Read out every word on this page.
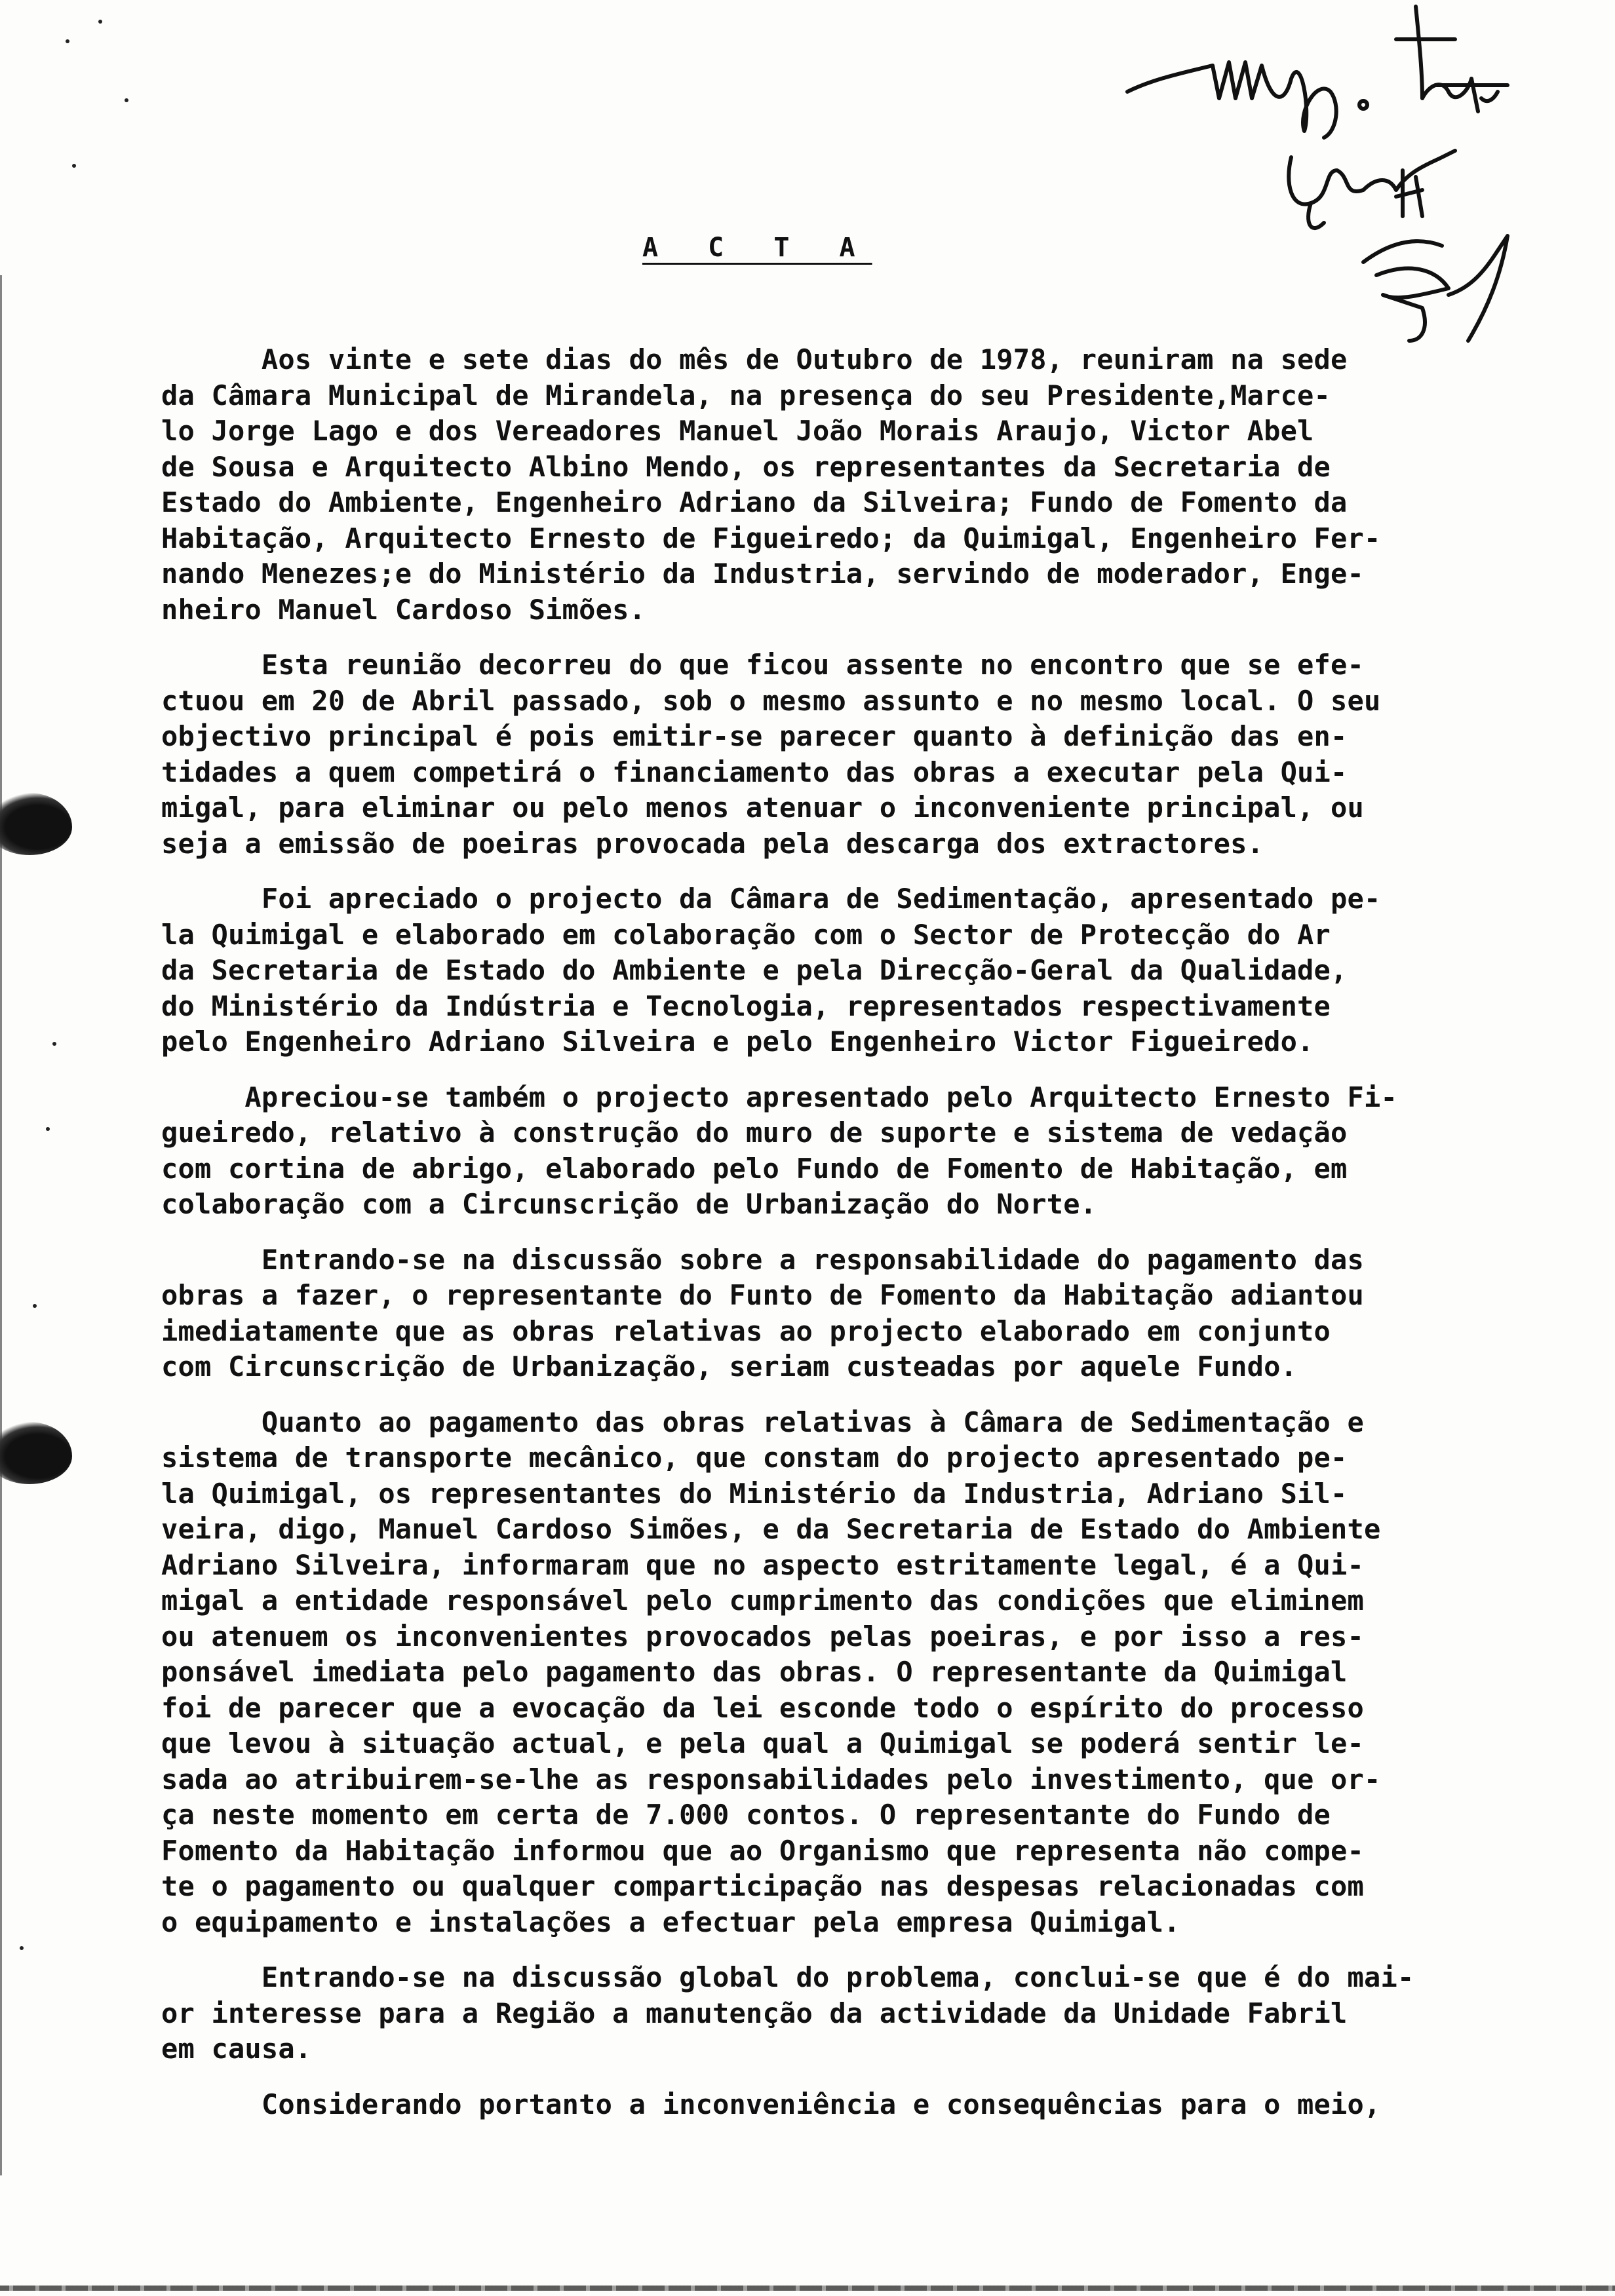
A C T A
Aos vinte e sete dias do mês de Outubro de 1978, reuniram na sede
da Câmara Municipal de Mirandela, na presença do seu Presidente,Marce-
lo Jorge Lago e dos Vereadores Manuel João Morais Araujo, Victor Abel
de Sousa e Arquitecto Albino Mendo, os representantes da Secretaria de
Estado do Ambiente, Engenheiro Adriano da Silveira; Fundo de Fomento da
Habitação, Arquitecto Ernesto de Figueiredo; da Quimigal, Engenheiro Fer-
nando Menezes;e do Ministério da Industria, servindo de moderador, Enge-
nheiro Manuel Cardoso Simões.
Esta reunião decorreu do que ficou assente no encontro que se efe-
ctuou em 20 de Abril passado, sob o mesmo assunto e no mesmo local. O seu
objectivo principal é pois emitir-se parecer quanto à definição das en-
tidades a quem competirá o financiamento das obras a executar pela Qui-
migal, para eliminar ou pelo menos atenuar o inconveniente principal, ou
seja a emissão de poeiras provocada pela descarga dos extractores.
Foi apreciado o projecto da Câmara de Sedimentação, apresentado pe-
la Quimigal e elaborado em colaboração com o Sector de Protecção do Ar
da Secretaria de Estado do Ambiente e pela Direcção-Geral da Qualidade,
do Ministério da Indústria e Tecnologia, representados respectivamente
pelo Engenheiro Adriano Silveira e pelo Engenheiro Victor Figueiredo.
Apreciou-se também o projecto apresentado pelo Arquitecto Ernesto Fi-
gueiredo, relativo à construção do muro de suporte e sistema de vedação
com cortina de abrigo, elaborado pelo Fundo de Fomento de Habitação, em
colaboração com a Circunscrição de Urbanização do Norte.
Entrando-se na discussão sobre a responsabilidade do pagamento das
obras a fazer, o representante do Funto de Fomento da Habitação adiantou
imediatamente que as obras relativas ao projecto elaborado em conjunto
com Circunscrição de Urbanização, seriam custeadas por aquele Fundo.
Quanto ao pagamento das obras relativas à Câmara de Sedimentação e
sistema de transporte mecânico, que constam do projecto apresentado pe-
la Quimigal, os representantes do Ministério da Industria, Adriano Sil-
veira, digo, Manuel Cardoso Simões, e da Secretaria de Estado do Ambiente
Adriano Silveira, informaram que no aspecto estritamente legal, é a Qui-
migal a entidade responsável pelo cumprimento das condições que eliminem
ou atenuem os inconvenientes provocados pelas poeiras, e por isso a res-
ponsável imediata pelo pagamento das obras. O representante da Quimigal
foi de parecer que a evocação da lei esconde todo o espírito do processo
que levou à situação actual, e pela qual a Quimigal se poderá sentir le-
sada ao atribuirem-se-lhe as responsabilidades pelo investimento, que or-
ça neste momento em certa de 7.000 contos. O representante do Fundo de
Fomento da Habitação informou que ao Organismo que representa não compe-
te o pagamento ou qualquer comparticipação nas despesas relacionadas com
o equipamento e instalações a efectuar pela empresa Quimigal.
Entrando-se na discussão global do problema, conclui-se que é do mai-
or interesse para a Região a manutenção da actividade da Unidade Fabril
em causa.
Considerando portanto a inconveniência e consequências para o meio,
